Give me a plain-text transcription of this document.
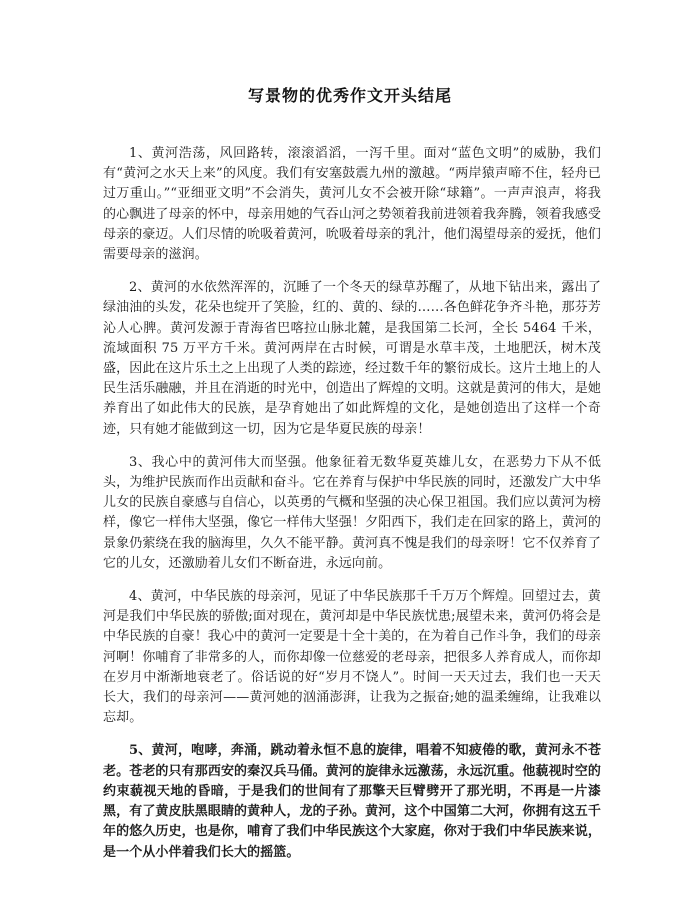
写景物的优秀作文开头结尾

1、黄河浩荡，风回路转，滚滚滔滔，一泻千里。面对“蓝色文明”的威胁，我们有“黄河之水天上来”的风度。我们有安塞鼓震九州的激越。“两岸猿声啼不住，轻舟已过万重山。”“亚细亚文明”不会消失，黄河儿女不会被开除“球籍”。一声声浪声，将我的心飘进了母亲的怀中，母亲用她的气吞山河之势领着我前进领着我奔腾，领着我感受母亲的豪迈。人们尽情的吮吸着黄河，吮吸着母亲的乳汁，他们渴望母亲的爱抚，他们需要母亲的滋润。

2、黄河的水依然浑浑的，沉睡了一个冬天的绿草苏醒了，从地下钻出来，露出了绿油油的头发，花朵也绽开了笑脸，红的、黄的、绿的……各色鲜花争齐斗艳，那芬芳沁人心脾。黄河发源于青海省巴喀拉山脉北麓，是我国第二长河，全长 5464 千米，流域面积 75 万平方千米。黄河两岸在古时候，可谓是水草丰茂，土地肥沃，树木茂盛，因此在这片乐土之上出现了人类的踪迹，经过数千年的繁衍成长。这片土地上的人民生活乐融融，并且在消逝的时光中，创造出了辉煌的文明。这就是黄河的伟大，是她养育出了如此伟大的民族，是孕育她出了如此辉煌的文化，是她创造出了这样一个奇迹，只有她才能做到这一切，因为它是华夏民族的母亲！

3、我心中的黄河伟大而坚强。他象征着无数华夏英雄儿女，在恶势力下从不低头，为维护民族而作出贡献和奋斗。它在养育与保护中华民族的同时，还激发广大中华儿女的民族自豪感与自信心，以英勇的气概和坚强的决心保卫祖国。我们应以黄河为榜样，像它一样伟大坚强，像它一样伟大坚强！夕阳西下，我们走在回家的路上，黄河的景象仍萦绕在我的脑海里，久久不能平静。黄河真不愧是我们的母亲呀！它不仅养育了它的儿女，还激励着儿女们不断奋进，永远向前。

4、黄河，中华民族的母亲河，见证了中华民族那千千万万个辉煌。回望过去，黄河是我们中华民族的骄傲;面对现在，黄河却是中华民族忧患;展望未来，黄河仍将会是中华民族的自豪！我心中的黄河一定要是十全十美的，在为着自己作斗争，我们的母亲河啊！你哺育了非常多的人，而你却像一位慈爱的老母亲，把很多人养育成人，而你却在岁月中渐渐地衰老了。俗话说的好“岁月不饶人”。时间一天天过去，我们也一天天长大，我们的母亲河——黄河她的汹涌澎湃，让我为之振奋;她的温柔缠绵，让我难以忘却。

5、黄河，咆哮，奔涌，跳动着永恒不息的旋律，唱着不知疲倦的歌，黄河永不苍老。苍老的只有那西安的秦汉兵马俑。黄河的旋律永远激荡，永远沉重。他藐视时空的约束藐视天地的昏暗，于是我们的世间有了那擎天巨臂劈开了那光明，不再是一片漆黑，有了黄皮肤黑眼睛的黄种人，龙的子孙。黄河，这个中国第二大河，你拥有这五千年的悠久历史，也是你，哺育了我们中华民族这个大家庭，你对于我们中华民族来说，是一个从小伴着我们长大的摇篮。
